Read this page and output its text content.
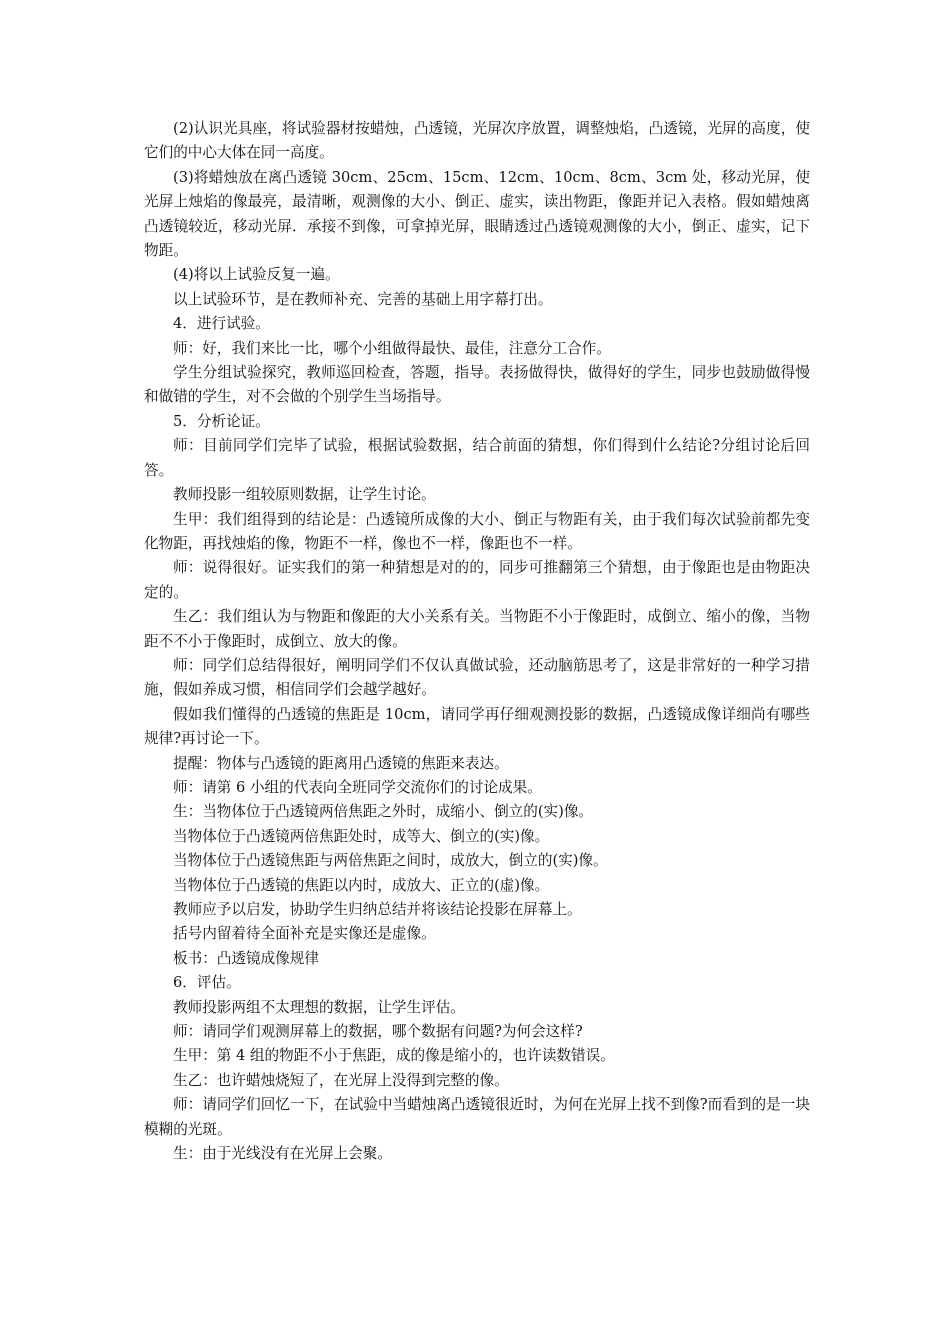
(2)认识光具座，将试验器材按蜡烛，凸透镜，光屏次序放置，调整烛焰，凸透镜，光屏的高度，使它们的中心大体在同一高度。

(3)将蜡烛放在离凸透镜 30cm、25cm、15cm、12cm、10cm、8cm、3cm 处，移动光屏，使光屏上烛焰的像最亮，最清晰，观测像的大小、倒正、虚实，读出物距，像距并记入表格。假如蜡烛离凸透镜较近，移动光屏．承接不到像，可拿掉光屏，眼睛透过凸透镜观测像的大小，倒正、虚实，记下物距。

(4)将以上试验反复一遍。

以上试验环节，是在教师补充、完善的基础上用字幕打出。

4．进行试验。

师：好，我们来比一比，哪个小组做得最快、最佳，注意分工合作。

学生分组试验探究，教师巡回检查，答题，指导。表扬做得快，做得好的学生，同步也鼓励做得慢和做错的学生，对不会做的个别学生当场指导。

5．分析论证。

师：目前同学们完毕了试验，根据试验数据，结合前面的猜想，你们得到什么结论?分组讨论后回答。

教师投影一组较原则数据，让学生讨论。

生甲：我们组得到的结论是：凸透镜所成像的大小、倒正与物距有关，由于我们每次试验前都先变化物距，再找烛焰的像，物距不一样，像也不一样，像距也不一样。

师：说得很好。证实我们的第一种猜想是对的的，同步可推翻第三个猜想，由于像距也是由物距决定的。

生乙：我们组认为与物距和像距的大小关系有关。当物距不小于像距时，成倒立、缩小的像，当物距不不小于像距时，成倒立、放大的像。

师：同学们总结得很好，阐明同学们不仅认真做试验，还动脑筋思考了，这是非常好的一种学习措施，假如养成习惯，相信同学们会越学越好。

假如我们懂得的凸透镜的焦距是 10cm，请同学再仔细观测投影的数据，凸透镜成像详细尚有哪些规律?再讨论一下。

提醒：物体与凸透镜的距离用凸透镜的焦距来表达。

师：请第 6 小组的代表向全班同学交流你们的讨论成果。

生：当物体位于凸透镜两倍焦距之外时，成缩小、倒立的(实)像。

当物体位于凸透镜两倍焦距处时，成等大、倒立的(实)像。

当物体位于凸透镜焦距与两倍焦距之间时，成放大，倒立的(实)像。

当物体位于凸透镜的焦距以内时，成放大、正立的(虚)像。

教师应予以启发，协助学生归纳总结并将该结论投影在屏幕上。

括号内留着待全面补充是实像还是虚像。

板书：凸透镜成像规律

6．评估。

教师投影两组不太理想的数据，让学生评估。

师：请同学们观测屏幕上的数据，哪个数据有问题?为何会这样?

生甲：第 4 组的物距不小于焦距，成的像是缩小的，也许读数错误。

生乙：也许蜡烛烧短了，在光屏上没得到完整的像。

师：请同学们回忆一下，在试验中当蜡烛离凸透镜很近时，为何在光屏上找不到像?而看到的是一块模糊的光斑。

生：由于光线没有在光屏上会聚。
